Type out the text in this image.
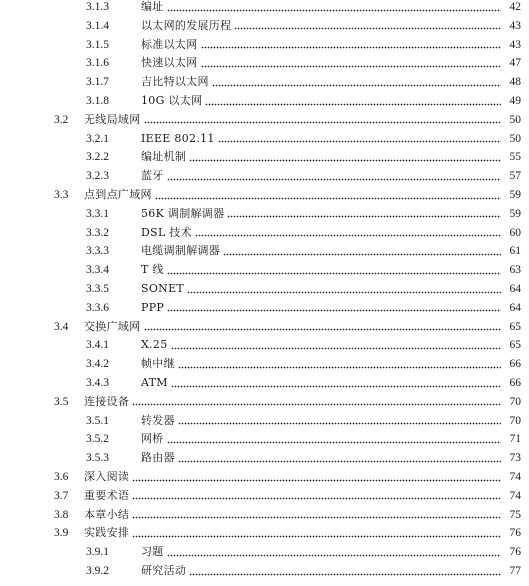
3.1.3	编址	42
3.1.4	以太网的发展历程	43
3.1.5	标准以太网	43
3.1.6	快速以太网	47
3.1.7	吉比特以太网	48
3.1.8	10G 以太网	49
3.2	无线局域网	50
3.2.1	IEEE 802.11	50
3.2.2	编址机制	55
3.2.3	蓝牙	57
3.3	点到点广域网	59
3.3.1	56K 调制解调器	59
3.3.2	DSL 技术	60
3.3.3	电缆调制解调器	61
3.3.4	T 线	63
3.3.5	SONET	64
3.3.6	PPP	64
3.4	交换广域网	65
3.4.1	X.25	65
3.4.2	帧中继	66
3.4.3	ATM	66
3.5	连接设备	70
3.5.1	转发器	70
3.5.2	网桥	71
3.5.3	路由器	73
3.6	深入阅读	74
3.7	重要术语	74
3.8	本章小结	75
3.9	实践安排	76
3.9.1	习题	76
3.9.2	研究活动	77
